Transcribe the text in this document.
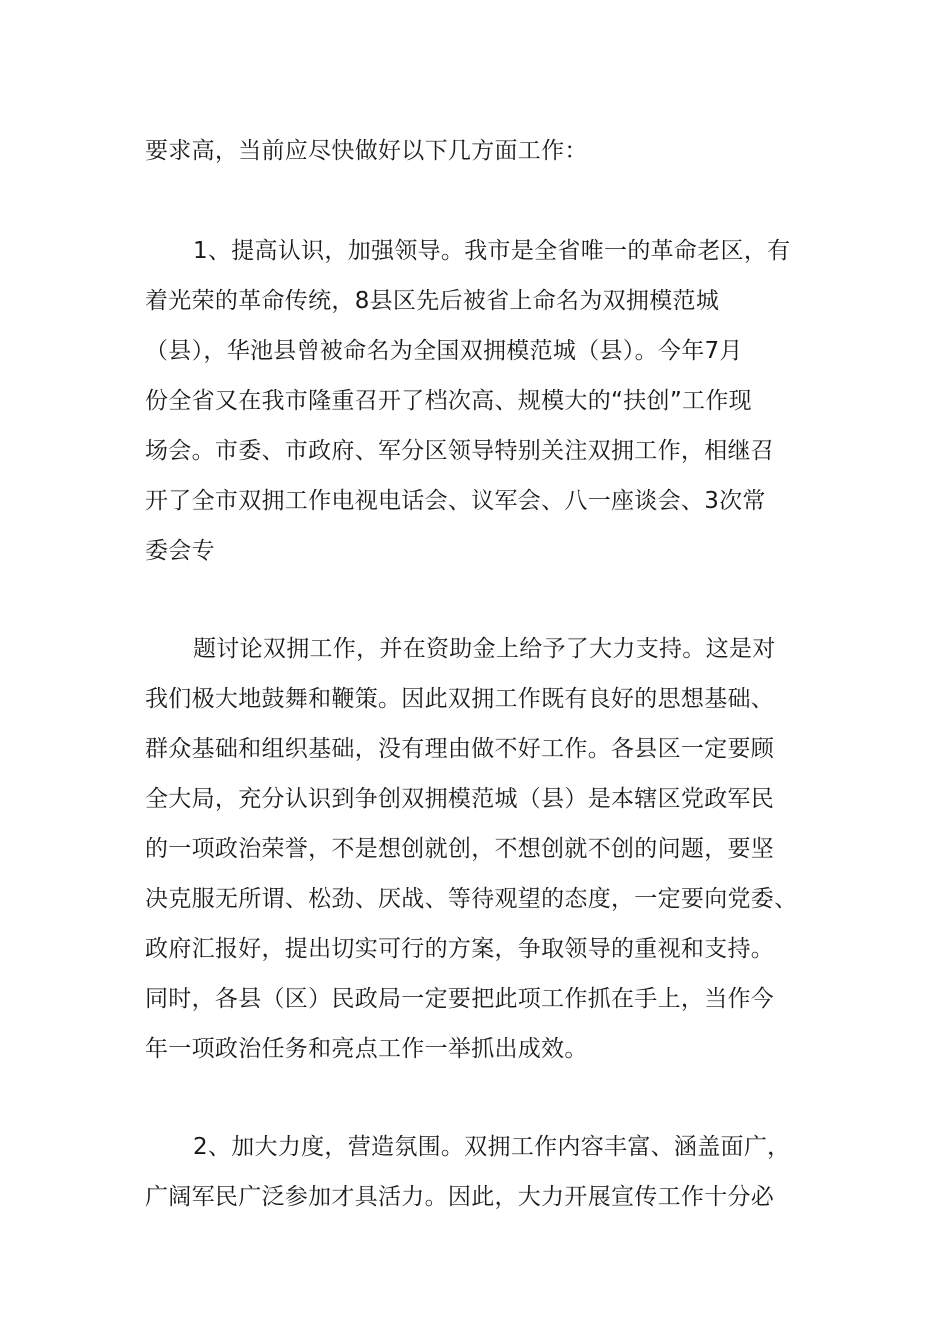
要求高，当前应尽快做好以下几方面工作：

1、提高认识，加强领导。我市是全省唯一的革命老区，有
着光荣的革命传统，8县区先后被省上命名为双拥模范城
（县），华池县曾被命名为全国双拥模范城（县）。今年7月
份全省又在我市隆重召开了档次高、规模大的“扶创”工作现
场会。市委、市政府、军分区领导特别关注双拥工作，相继召
开了全市双拥工作电视电话会、议军会、八一座谈会、3次常
委会专

题讨论双拥工作，并在资助金上给予了大力支持。这是对
我们极大地鼓舞和鞭策。因此双拥工作既有良好的思想基础、
群众基础和组织基础，没有理由做不好工作。各县区一定要顾
全大局，充分认识到争创双拥模范城（县）是本辖区党政军民
的一项政治荣誉，不是想创就创，不想创就不创的问题，要坚
决克服无所谓、松劲、厌战、等待观望的态度，一定要向党委、
政府汇报好，提出切实可行的方案，争取领导的重视和支持。
同时，各县（区）民政局一定要把此项工作抓在手上，当作今
年一项政治任务和亮点工作一举抓出成效。

2、加大力度，营造氛围。双拥工作内容丰富、涵盖面广，
广阔军民广泛参加才具活力。因此，大力开展宣传工作十分必
